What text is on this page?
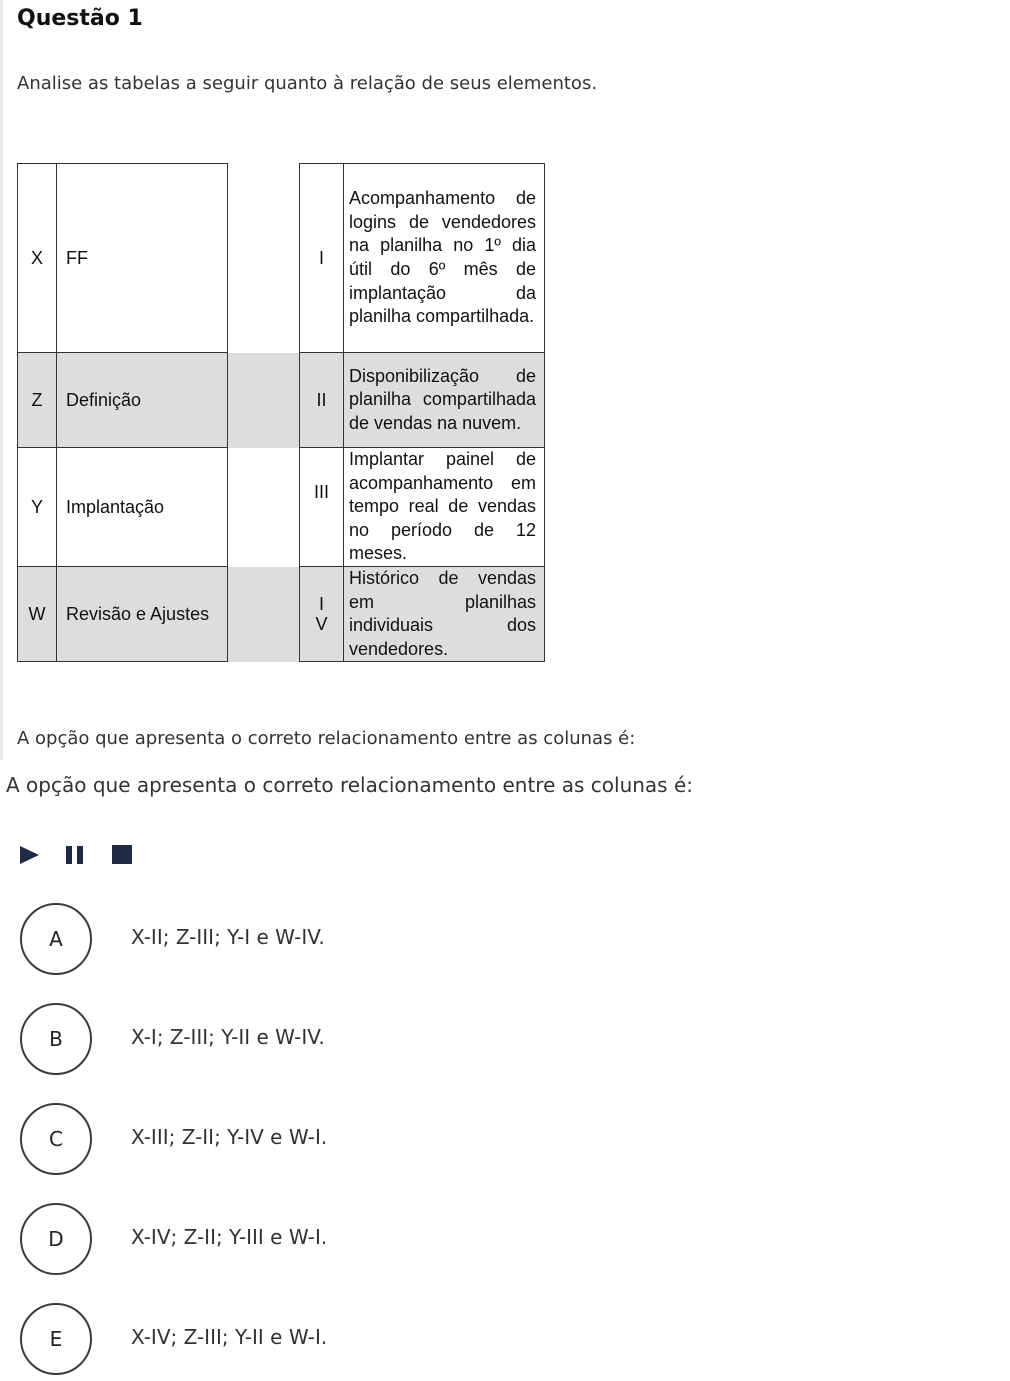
Questão 1
Analise as tabelas a seguir quanto à relação de seus elementos.
X	FF		I	Acompanhamento de logins de vendedores na planilha no 1º dia útil do 6º mês de implantação da planilha compartilhada.
Z	Definição		II	Disponibilização de planilha compartilhada de vendas na nuvem.
Y	Implantação		III	Implantar painel de acompanhamento em tempo real de vendas no período de 12 meses.
W	Revisão e Ajustes		IV	Histórico de vendas em planilhas individuais dos vendedores.
A opção que apresenta o correto relacionamento entre as colunas é:
A opção que apresenta o correto relacionamento entre as colunas é:
A	X-II; Z-III; Y-I e W-IV.
B	X-I; Z-III; Y-II e W-IV.
C	X-III; Z-II; Y-IV e W-I.
D	X-IV; Z-II; Y-III e W-I.
E	X-IV; Z-III; Y-II e W-I.
